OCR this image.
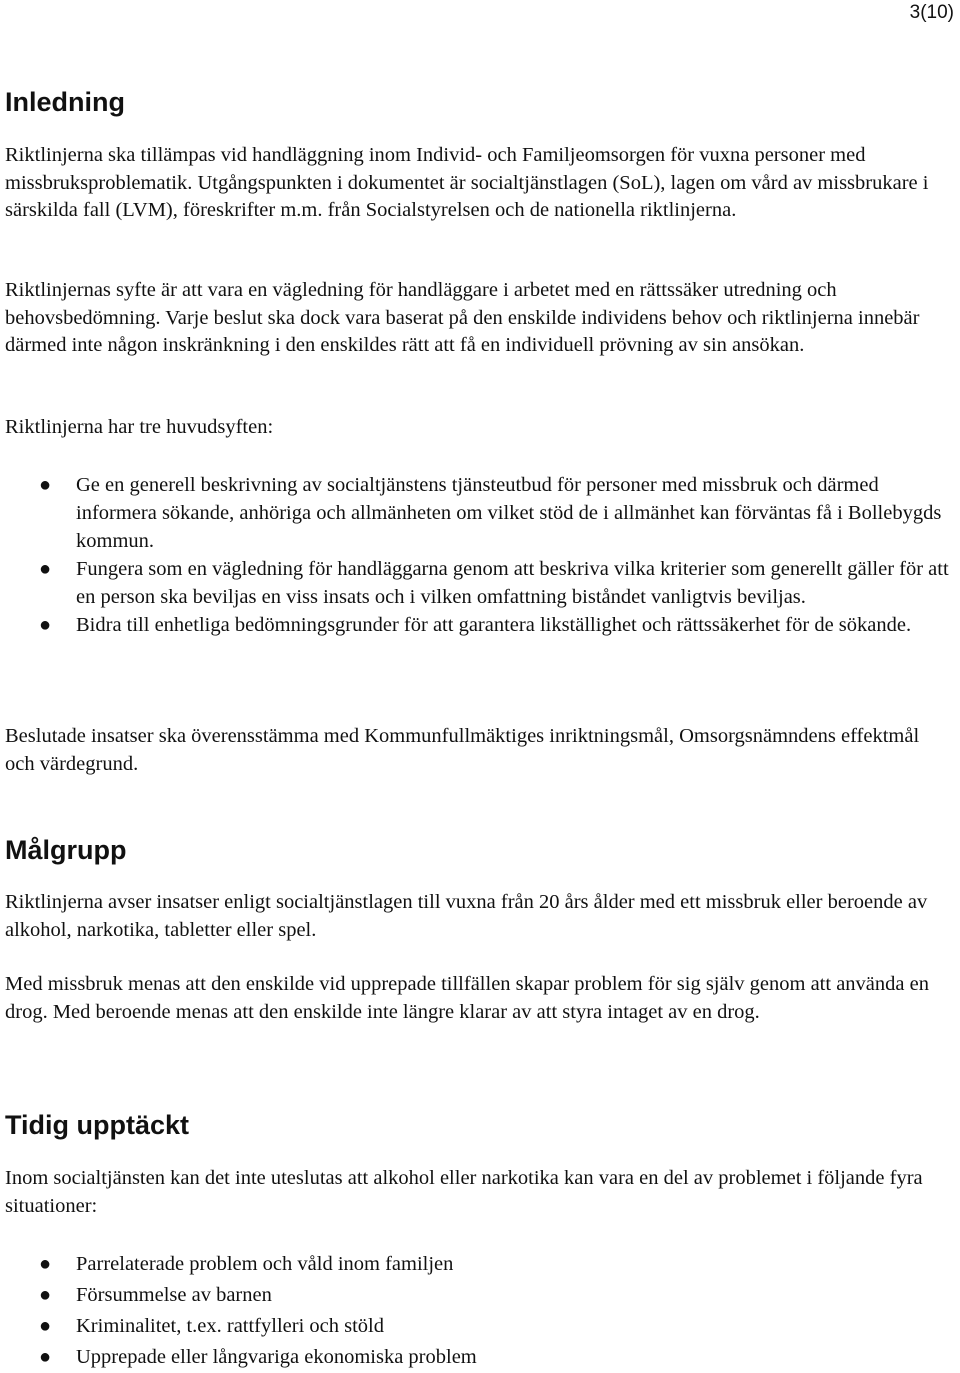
3(10)
Inledning

Riktlinjerna ska tillämpas vid handläggning inom Individ- och Familjeomsorgen för vuxna personer med missbruksproblematik. Utgångspunkten i dokumentet är socialtjänstlagen (SoL), lagen om vård av missbrukare i särskilda fall (LVM), föreskrifter m.m. från Socialstyrelsen och de nationella riktlinjerna.

Riktlinjernas syfte är att vara en vägledning för handläggare i arbetet med en rättssäker utredning och behovsbedömning. Varje beslut ska dock vara baserat på den enskilde individens behov och riktlinjerna innebär därmed inte någon inskränkning i den enskildes rätt att få en individuell prövning av sin ansökan.

Riktlinjerna har tre huvudsyften:

● Ge en generell beskrivning av socialtjänstens tjänsteutbud för personer med missbruk och därmed informera sökande, anhöriga och allmänheten om vilket stöd de i allmänhet kan förväntas få i Bollebygds kommun.
● Fungera som en vägledning för handläggarna genom att beskriva vilka kriterier som generellt gäller för att en person ska beviljas en viss insats och i vilken omfattning biståndet vanligtvis beviljas.
● Bidra till enhetliga bedömningsgrunder för att garantera likställighet och rättssäkerhet för de sökande.

Beslutade insatser ska överensstämma med Kommunfullmäktiges inriktningsmål, Omsorgsnämndens effektmål och värdegrund.

Målgrupp

Riktlinjerna avser insatser enligt socialtjänstlagen till vuxna från 20 års ålder med ett missbruk eller beroende av alkohol, narkotika, tabletter eller spel.

Med missbruk menas att den enskilde vid upprepade tillfällen skapar problem för sig själv genom att använda en drog. Med beroende menas att den enskilde inte längre klarar av att styra intaget av en drog.

Tidig upptäckt

Inom socialtjänsten kan det inte uteslutas att alkohol eller narkotika kan vara en del av problemet i följande fyra situationer:

● Parrelaterade problem och våld inom familjen
● Försummelse av barnen
● Kriminalitet, t.ex. rattfylleri och stöld
● Upprepade eller långvariga ekonomiska problem
